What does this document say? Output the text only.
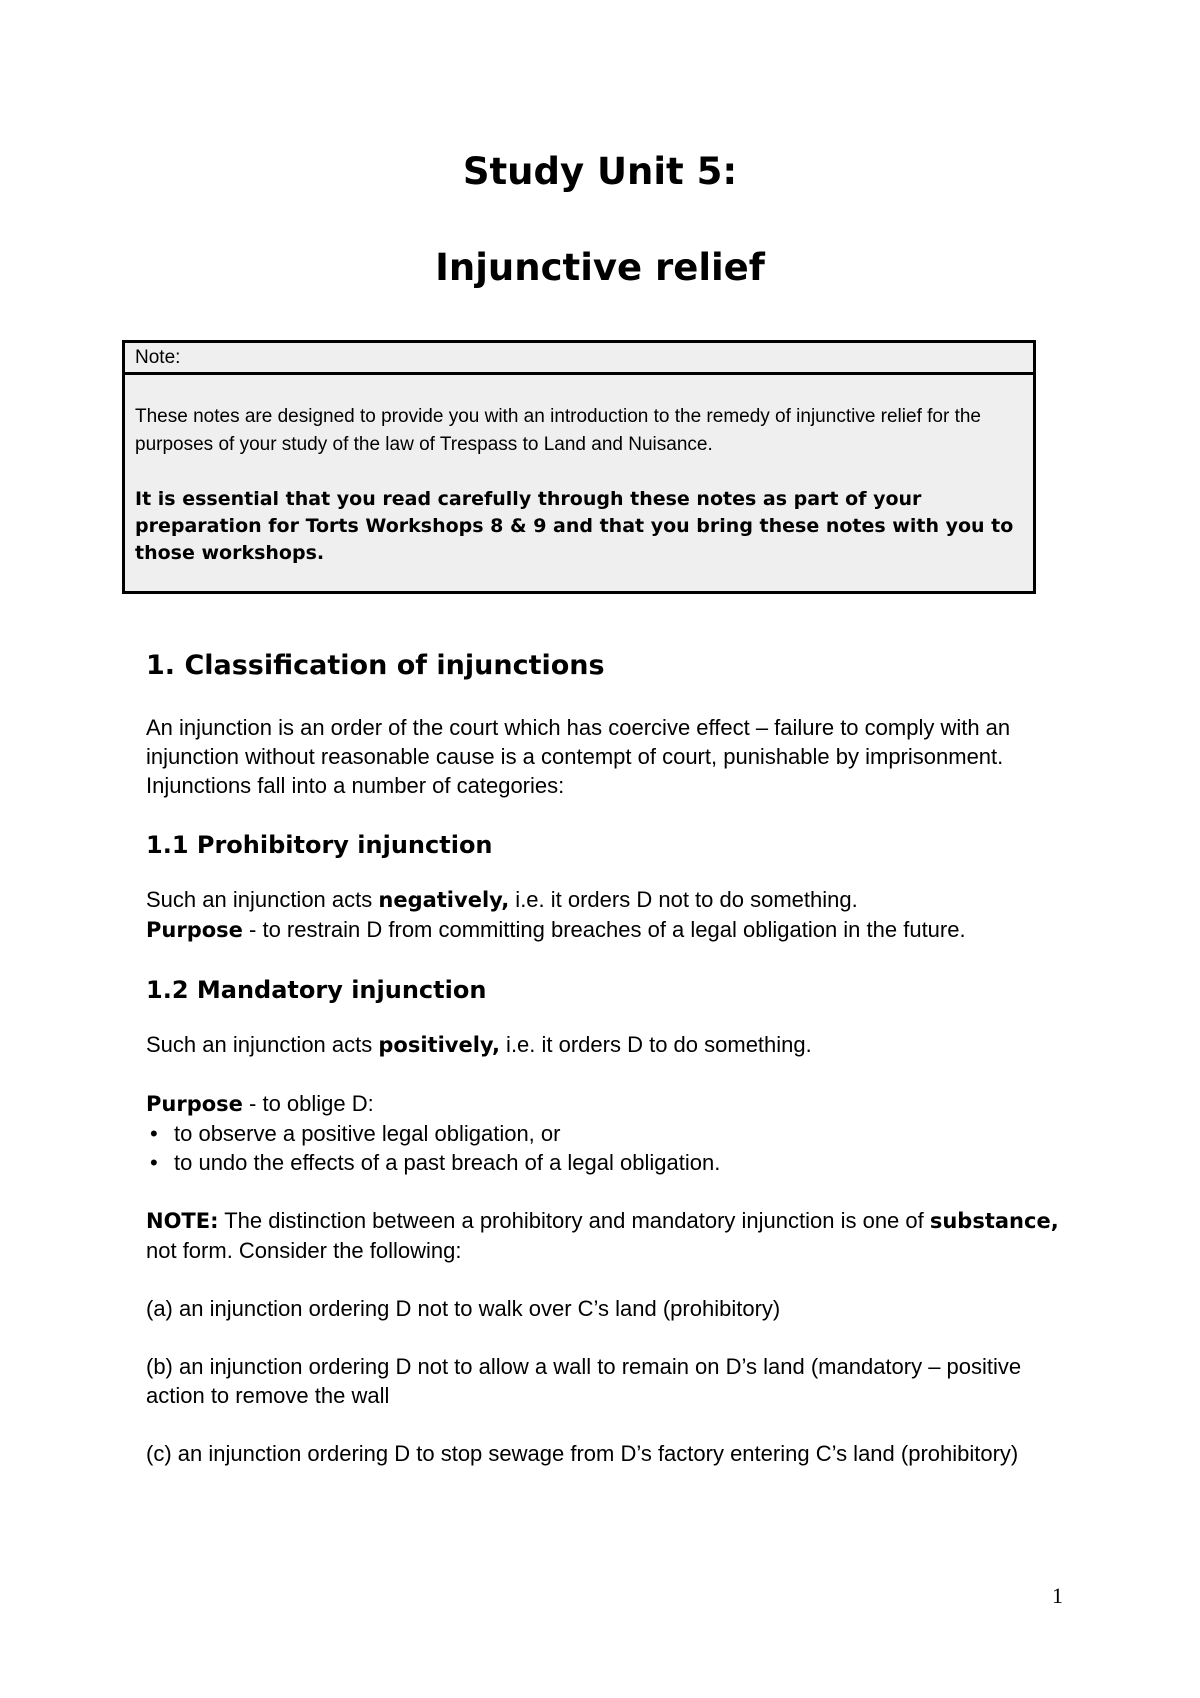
Study Unit 5:
Injunctive relief
Note:

These notes are designed to provide you with an introduction to the remedy of injunctive relief for the purposes of your study of the law of Trespass to Land and Nuisance.

It is essential that you read carefully through these notes as part of your preparation for Torts Workshops 8 & 9 and that you bring these notes with you to those workshops.

1. Classification of injunctions

An injunction is an order of the court which has coercive effect – failure to comply with an injunction without reasonable cause is a contempt of court, punishable by imprisonment. Injunctions fall into a number of categories:

1.1 Prohibitory injunction

Such an injunction acts negatively, i.e. it orders D not to do something.

Purpose - to restrain D from committing breaches of a legal obligation in the future.

1.2 Mandatory injunction

Such an injunction acts positively, i.e. it orders D to do something.

Purpose - to oblige D:

• to observe a positive legal obligation, or
• to undo the effects of a past breach of a legal obligation.

NOTE: The distinction between a prohibitory and mandatory injunction is one of substance, not form. Consider the following:

(a) an injunction ordering D not to walk over C’s land (prohibitory)

(b) an injunction ordering D not to allow a wall to remain on D’s land (mandatory – positive action to remove the wall

(c) an injunction ordering D to stop sewage from D’s factory entering C’s land (prohibitory)

1
